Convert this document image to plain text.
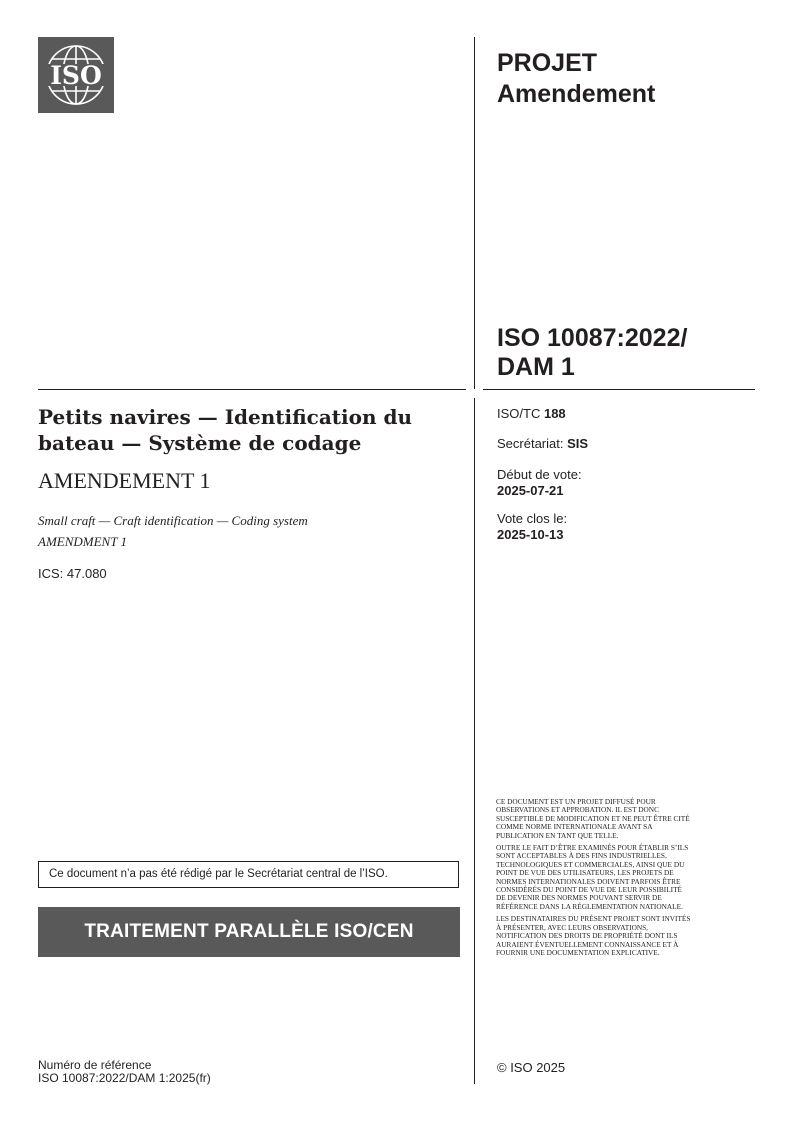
ISO	PROJET
Amendement
ISO 10087:2022/
DAM 1
Petits navires — Identification du bateau — Système de codage
AMENDEMENT 1
Small craft — Craft identification — Coding system
AMENDMENT 1
ICS: 47.080
ISO/TC 188
Secrétariat: SIS
Début de vote:
2025-07-21
Vote clos le:
2025-10-13
Ce document n’a pas été rédigé par le Secrétariat central de l’ISO.
TRAITEMENT PARALLÈLE ISO/CEN

CE DOCUMENT EST UN PROJET DIFFUSÉ POUR OBSERVATIONS ET APPROBATION. IL EST DONC SUSCEPTIBLE DE MODIFICATION ET NE PEUT ÊTRE CITÉ COMME NORME INTERNATIONALE AVANT SA PUBLICATION EN TANT QUE TELLE.

OUTRE LE FAIT D’ÊTRE EXAMINÉS POUR ÉTABLIR S’ILS SONT ACCEPTABLES À DES FINS INDUSTRIELLES, TECHNOLOGIQUES ET COMMERCIALES, AINSI QUE DU POINT DE VUE DES UTILISATEURS, LES PROJETS DE NORMES INTERNATIONALES DOIVENT PARFOIS ÊTRE CONSIDÉRÉS DU POINT DE VUE DE LEUR POSSIBILITÉ DE DEVENIR DES NORMES POUVANT SERVIR DE RÉFÉRENCE DANS LA RÉGLEMENTATION NATIONALE.

LES DESTINATAIRES DU PRÉSENT PROJET SONT INVITÉS À PRÉSENTER, AVEC LEURS OBSERVATIONS, NOTIFICATION DES DROITS DE PROPRIÉTÉ DONT ILS AURAIENT ÉVENTUELLEMENT CONNAISSANCE ET À FOURNIR UNE DOCUMENTATION EXPLICATIVE.

© ISO 2025
Numéro de référence
ISO 10087:2022/DAM 1:2025(fr)
